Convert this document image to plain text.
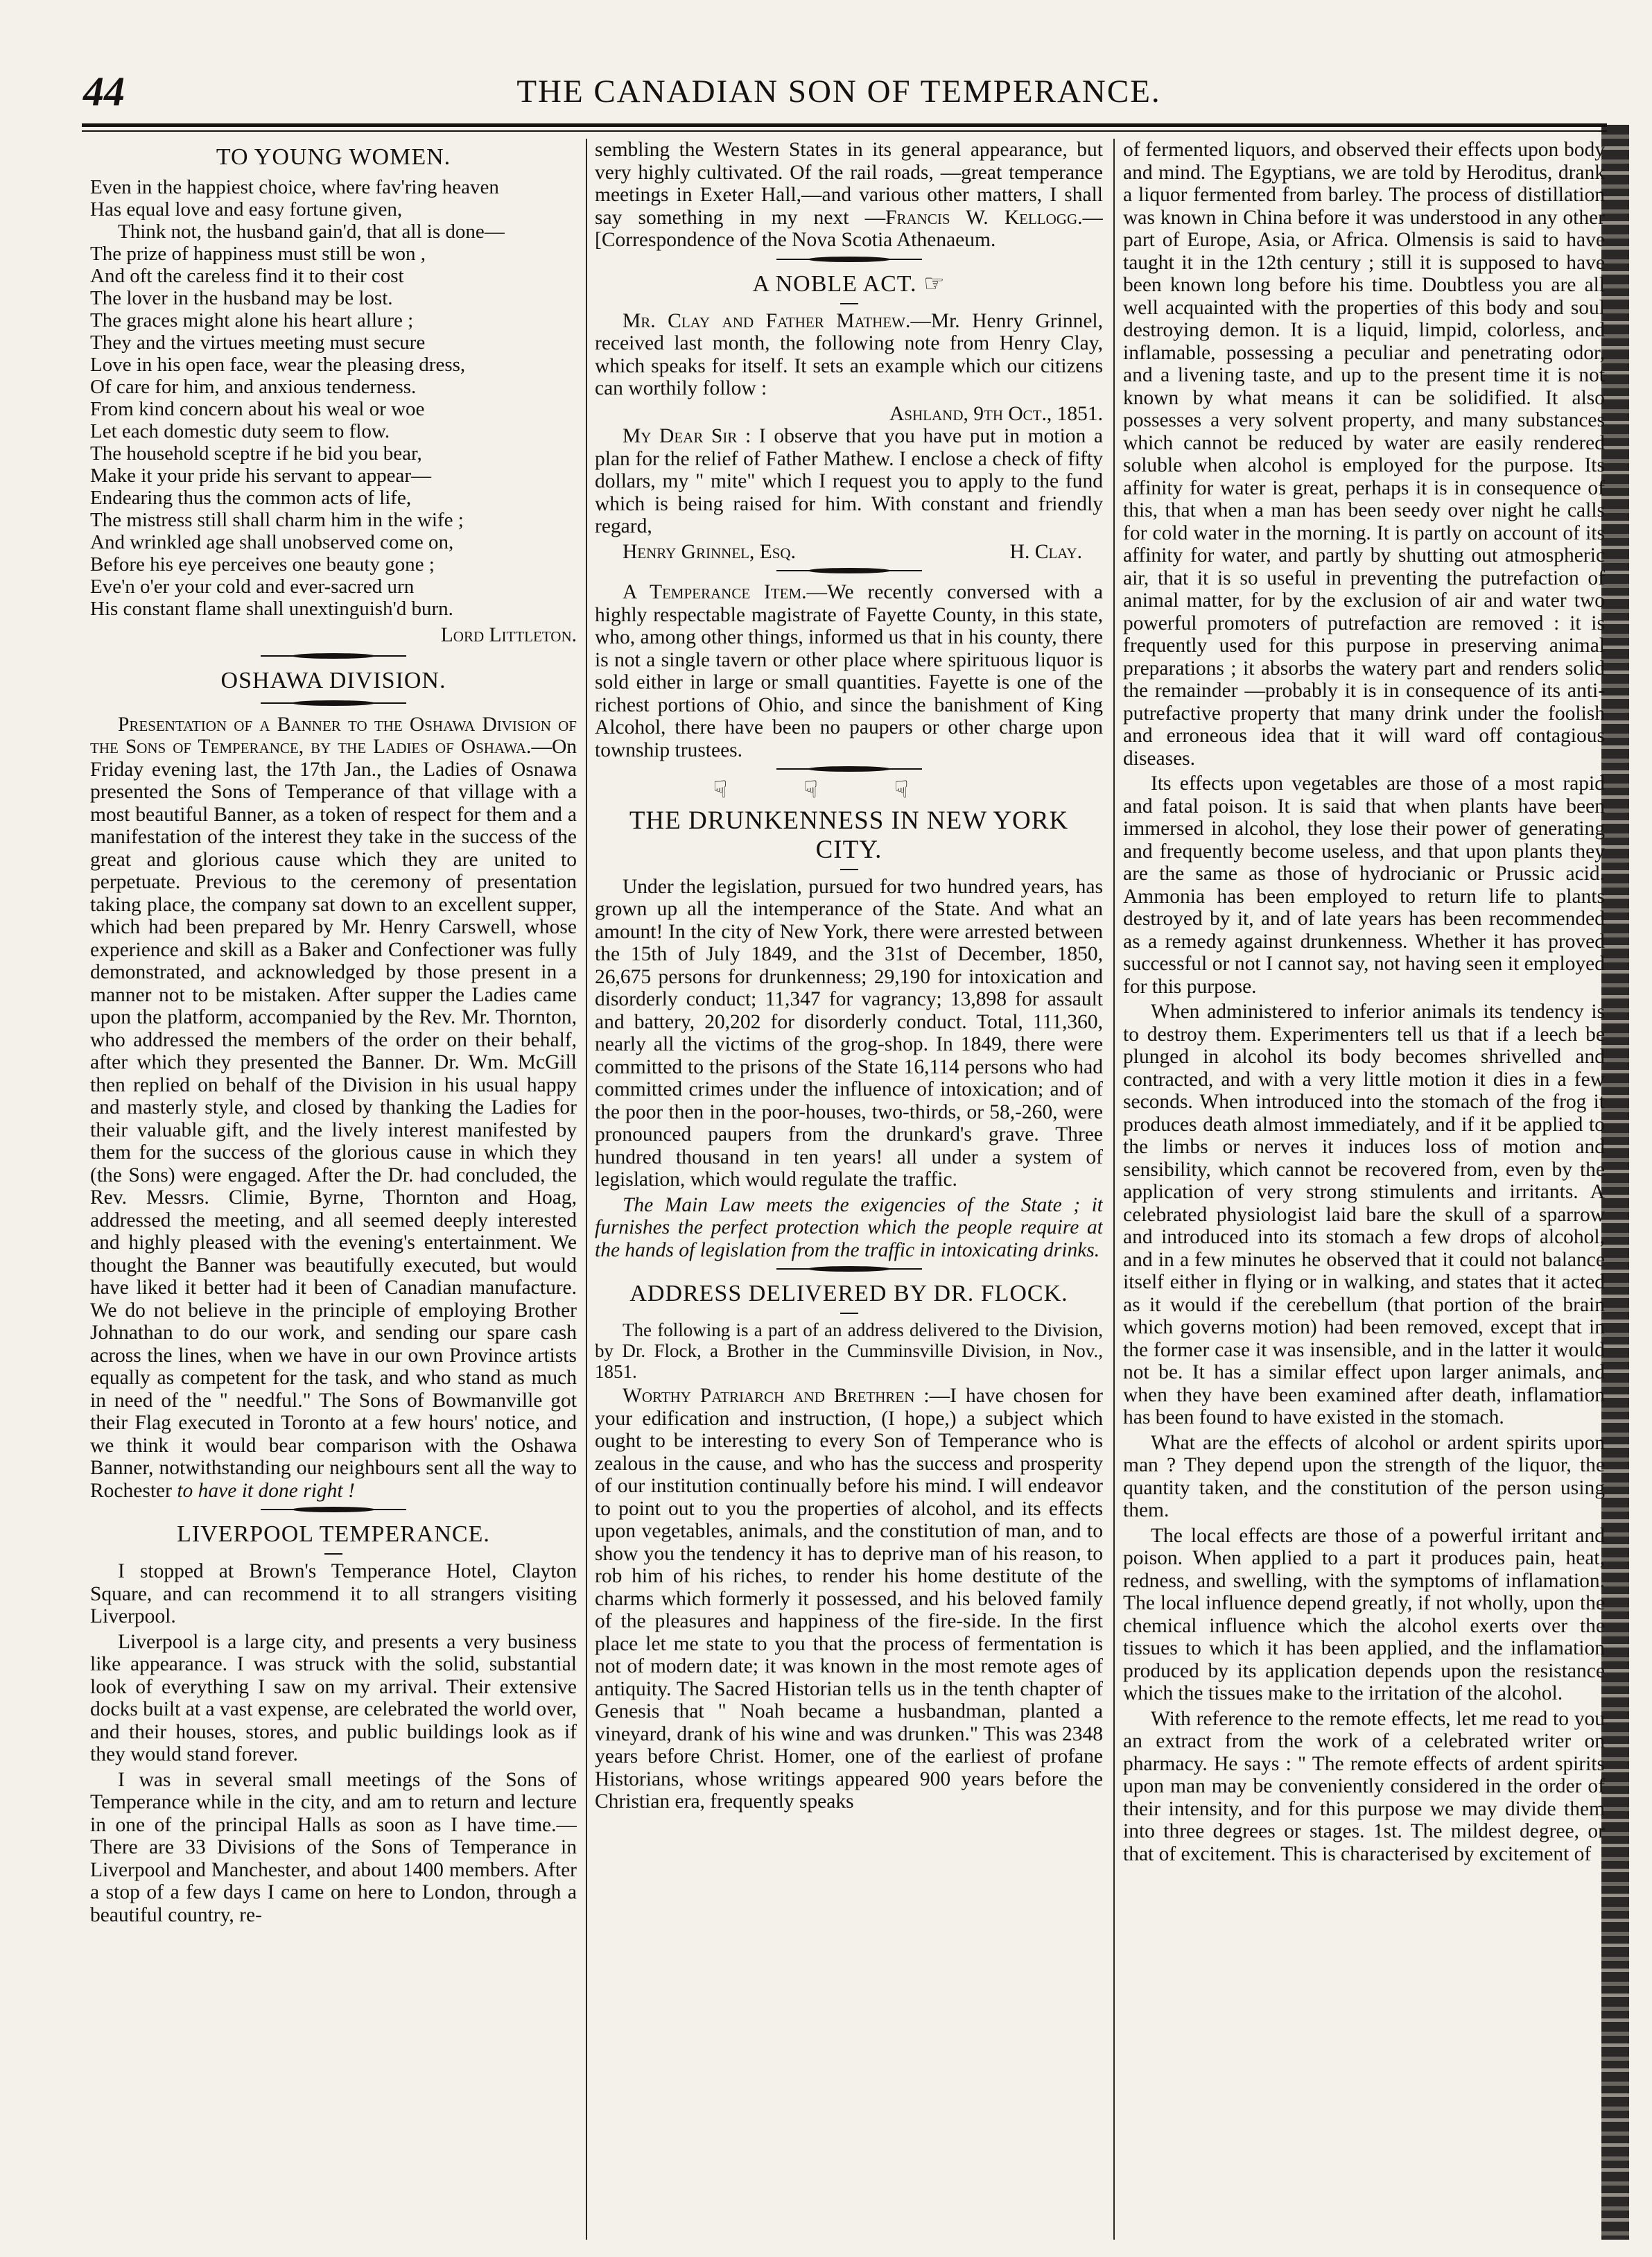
44	THE CANADIAN SON OF TEMPERANCE.
TO YOUNG WOMEN.
Even in the happiest choice, where fav'ring heaven
Has equal love and easy fortune given,
Think not, the husband gain'd, that all is done—
The prize of happiness must still be won ,
And oft the careless find it to their cost
The lover in the husband may be lost.
The graces might alone his heart allure ;
They and the virtues meeting must secure
Love in his open face, wear the pleasing dress,
Of care for him, and anxious tenderness.
From kind concern about his weal or woe
Let each domestic duty seem to flow.
The household sceptre if he bid you bear,
Make it your pride his servant to appear—
Endearing thus the common acts of life,
The mistress still shall charm him in the wife ;
And wrinkled age shall unobserved come on,
Before his eye perceives one beauty gone ;
Eve'n o'er your cold and ever-sacred urn
His constant flame shall unextinguish'd burn.
Lord Littleton.
OSHAWA DIVISION.

Presentation of a Banner to the Oshawa Division of the Sons of Temperance, by the Ladies of Oshawa.—On Friday evening last, the 17th Jan., the Ladies of Osnawa presented the Sons of Temperance of that village with a most beautiful Banner, as a token of respect for them and a manifestation of the interest they take in the success of the great and glorious cause which they are united to perpetuate. Previous to the ceremony of presentation taking place, the company sat down to an excellent supper, which had been prepared by Mr. Henry Carswell, whose experience and skill as a Baker and Confectioner was fully demonstrated, and acknowledged by those present in a manner not to be mistaken. After supper the Ladies came upon the platform, accompanied by the Rev. Mr. Thornton, who addressed the members of the order on their behalf, after which they presented the Banner. Dr. Wm. McGill then replied on behalf of the Division in his usual happy and masterly style, and closed by thanking the Ladies for their valuable gift, and the lively interest manifested by them for the success of the glorious cause in which they (the Sons) were engaged. After the Dr. had concluded, the Rev. Messrs. Climie, Byrne, Thornton and Hoag, addressed the meeting, and all seemed deeply interested and highly pleased with the evening's entertainment. We thought the Banner was beautifully executed, but would have liked it better had it been of Canadian manufacture. We do not believe in the principle of employing Brother Johnathan to do our work, and sending our spare cash across the lines, when we have in our own Province artists equally as competent for the task, and who stand as much in need of the " needful." The Sons of Bowmanville got their Flag executed in Toronto at a few hours' notice, and we think it would bear comparison with the Oshawa Banner, notwithstanding our neighbours sent all the way to Rochester to have it done right !

LIVERPOOL TEMPERANCE.

I stopped at Brown's Temperance Hotel, Clayton Square, and can recommend it to all strangers visiting Liverpool.

Liverpool is a large city, and presents a very business like appearance. I was struck with the solid, substantial look of everything I saw on my arrival. Their extensive docks built at a vast expense, are celebrated the world over, and their houses, stores, and public buildings look as if they would stand forever.

I was in several small meetings of the Sons of Temperance while in the city, and am to return and lecture in one of the principal Halls as soon as I have time.—There are 33 Divisions of the Sons of Temperance in Liverpool and Manchester, and about 1400 members. After a stop of a few days I came on here to London, through a beautiful country, re-

sembling the Western States in its general appearance, but very highly cultivated. Of the rail roads, —great temperance meetings in Exeter Hall,—and various other matters, I shall say something in my next —Francis W. Kellogg.—[Correspondence of the Nova Scotia Athenaeum.

A NOBLE ACT. ☞

Mr. Clay and Father Mathew.—Mr. Henry Grinnel, received last month, the following note from Henry Clay, which speaks for itself. It sets an example which our citizens can worthily follow :

Ashland, 9th Oct., 1851.

My Dear Sir : I observe that you have put in motion a plan for the relief of Father Mathew. I enclose a check of fifty dollars, my " mite" which I request you to apply to the fund which is being raised for him. With constant and friendly regard,

Henry Grinnel, Esq.	H. Clay.

A Temperance Item.—We recently conversed with a highly respectable magistrate of Fayette County, in this state, who, among other things, informed us that in his county, there is not a single tavern or other place where spirituous liquor is sold either in large or small quantities. Fayette is one of the richest portions of Ohio, and since the banishment of King Alcohol, there have been no paupers or other charge upon township trustees.

☟☟☟
THE DRUNKENNESS IN NEW YORK CITY.

Under the legislation, pursued for two hundred years, has grown up all the intemperance of the State. And what an amount! In the city of New York, there were arrested between the 15th of July 1849, and the 31st of December, 1850, 26,675 persons for drunkenness; 29,190 for intoxication and disorderly conduct; 11,347 for vagrancy; 13,898 for assault and battery, 20,202 for disorderly conduct. Total, 111,360, nearly all the victims of the grog-shop. In 1849, there were committed to the prisons of the State 16,114 persons who had committed crimes under the influence of intoxication; and of the poor then in the poor-houses, two-thirds, or 58,-260, were pronounced paupers from the drunkard's grave. Three hundred thousand in ten years! all under a system of legislation, which would regulate the traffic.

The Main Law meets the exigencies of the State ; it furnishes the perfect protection which the people require at the hands of legislation from the traffic in intoxicating drinks.

ADDRESS DELIVERED BY DR. FLOCK.

The following is a part of an address delivered to the Division, by Dr. Flock, a Brother in the Cumminsville Division, in Nov., 1851.

Worthy Patriarch and Brethren :—I have chosen for your edification and instruction, (I hope,) a subject which ought to be interesting to every Son of Temperance who is zealous in the cause, and who has the success and prosperity of our institution continually before his mind. I will endeavor to point out to you the properties of alcohol, and its effects upon vegetables, animals, and the constitution of man, and to show you the tendency it has to deprive man of his reason, to rob him of his riches, to render his home destitute of the charms which formerly it possessed, and his beloved family of the pleasures and happiness of the fire-side. In the first place let me state to you that the process of fermentation is not of modern date; it was known in the most remote ages of antiquity. The Sacred Historian tells us in the tenth chapter of Genesis that " Noah became a husbandman, planted a vineyard, drank of his wine and was drunken." This was 2348 years before Christ. Homer, one of the earliest of profane Historians, whose writings appeared 900 years before the Christian era, frequently speaks

of fermented liquors, and observed their effects upon body and mind. The Egyptians, we are told by Heroditus, drank a liquor fermented from barley. The process of distillation was known in China before it was understood in any other part of Europe, Asia, or Africa. Olmensis is said to have taught it in the 12th century ; still it is supposed to have been known long before his time. Doubtless you are all well acquainted with the properties of this body and soul destroying demon. It is a liquid, limpid, colorless, and inflamable, possessing a peculiar and penetrating odor, and a livening taste, and up to the present time it is not known by what means it can be solidified. It also possesses a very solvent property, and many substances which cannot be reduced by water are easily rendered soluble when alcohol is employed for the purpose. Its affinity for water is great, perhaps it is in consequence of this, that when a man has been seedy over night he calls for cold water in the morning. It is partly on account of its affinity for water, and partly by shutting out atmospheric air, that it is so useful in preventing the putrefaction of animal matter, for by the exclusion of air and water two powerful promoters of putrefaction are removed : it is frequently used for this purpose in preserving animal preparations ; it absorbs the watery part and renders solid the remainder —probably it is in consequence of its anti-putrefactive property that many drink under the foolish and erroneous idea that it will ward off contagious diseases.

Its effects upon vegetables are those of a most rapid and fatal poison. It is said that when plants have been immersed in alcohol, they lose their power of generating and frequently become useless, and that upon plants they are the same as those of hydrocianic or Prussic acid. Ammonia has been employed to return life to plants destroyed by it, and of late years has been recommended as a remedy against drunkenness. Whether it has proved successful or not I cannot say, not having seen it employed for this purpose.

When administered to inferior animals its tendency is to destroy them. Experimenters tell us that if a leech be plunged in alcohol its body becomes shrivelled and contracted, and with a very little motion it dies in a few seconds. When introduced into the stomach of the frog it produces death almost immediately, and if it be applied to the limbs or nerves it induces loss of motion and sensibility, which cannot be recovered from, even by the application of very strong stimulents and irritants. A celebrated physiologist laid bare the skull of a sparrow and introduced into its stomach a few drops of alcohol, and in a few minutes he observed that it could not balance itself either in flying or in walking, and states that it acted as it would if the cerebellum (that portion of the brain which governs motion) had been removed, except that in the former case it was insensible, and in the latter it would not be. It has a similar effect upon larger animals, and when they have been examined after death, inflamation has been found to have existed in the stomach.

What are the effects of alcohol or ardent spirits upon man ? They depend upon the strength of the liquor, the quantity taken, and the constitution of the person using them.

The local effects are those of a powerful irritant and poison. When applied to a part it produces pain, heat, redness, and swelling, with the symptoms of inflamation. The local influence depend greatly, if not wholly, upon the chemical influence which the alcohol exerts over the tissues to which it has been applied, and the inflamation produced by its application depends upon the resistance which the tissues make to the irritation of the alcohol.

With reference to the remote effects, let me read to you an extract from the work of a celebrated writer on pharmacy. He says : " The remote effects of ardent spirits upon man may be conveniently considered in the order of their intensity, and for this purpose we may divide them into three degrees or stages. 1st. The mildest degree, or that of excitement. This is characterised by excitement of
